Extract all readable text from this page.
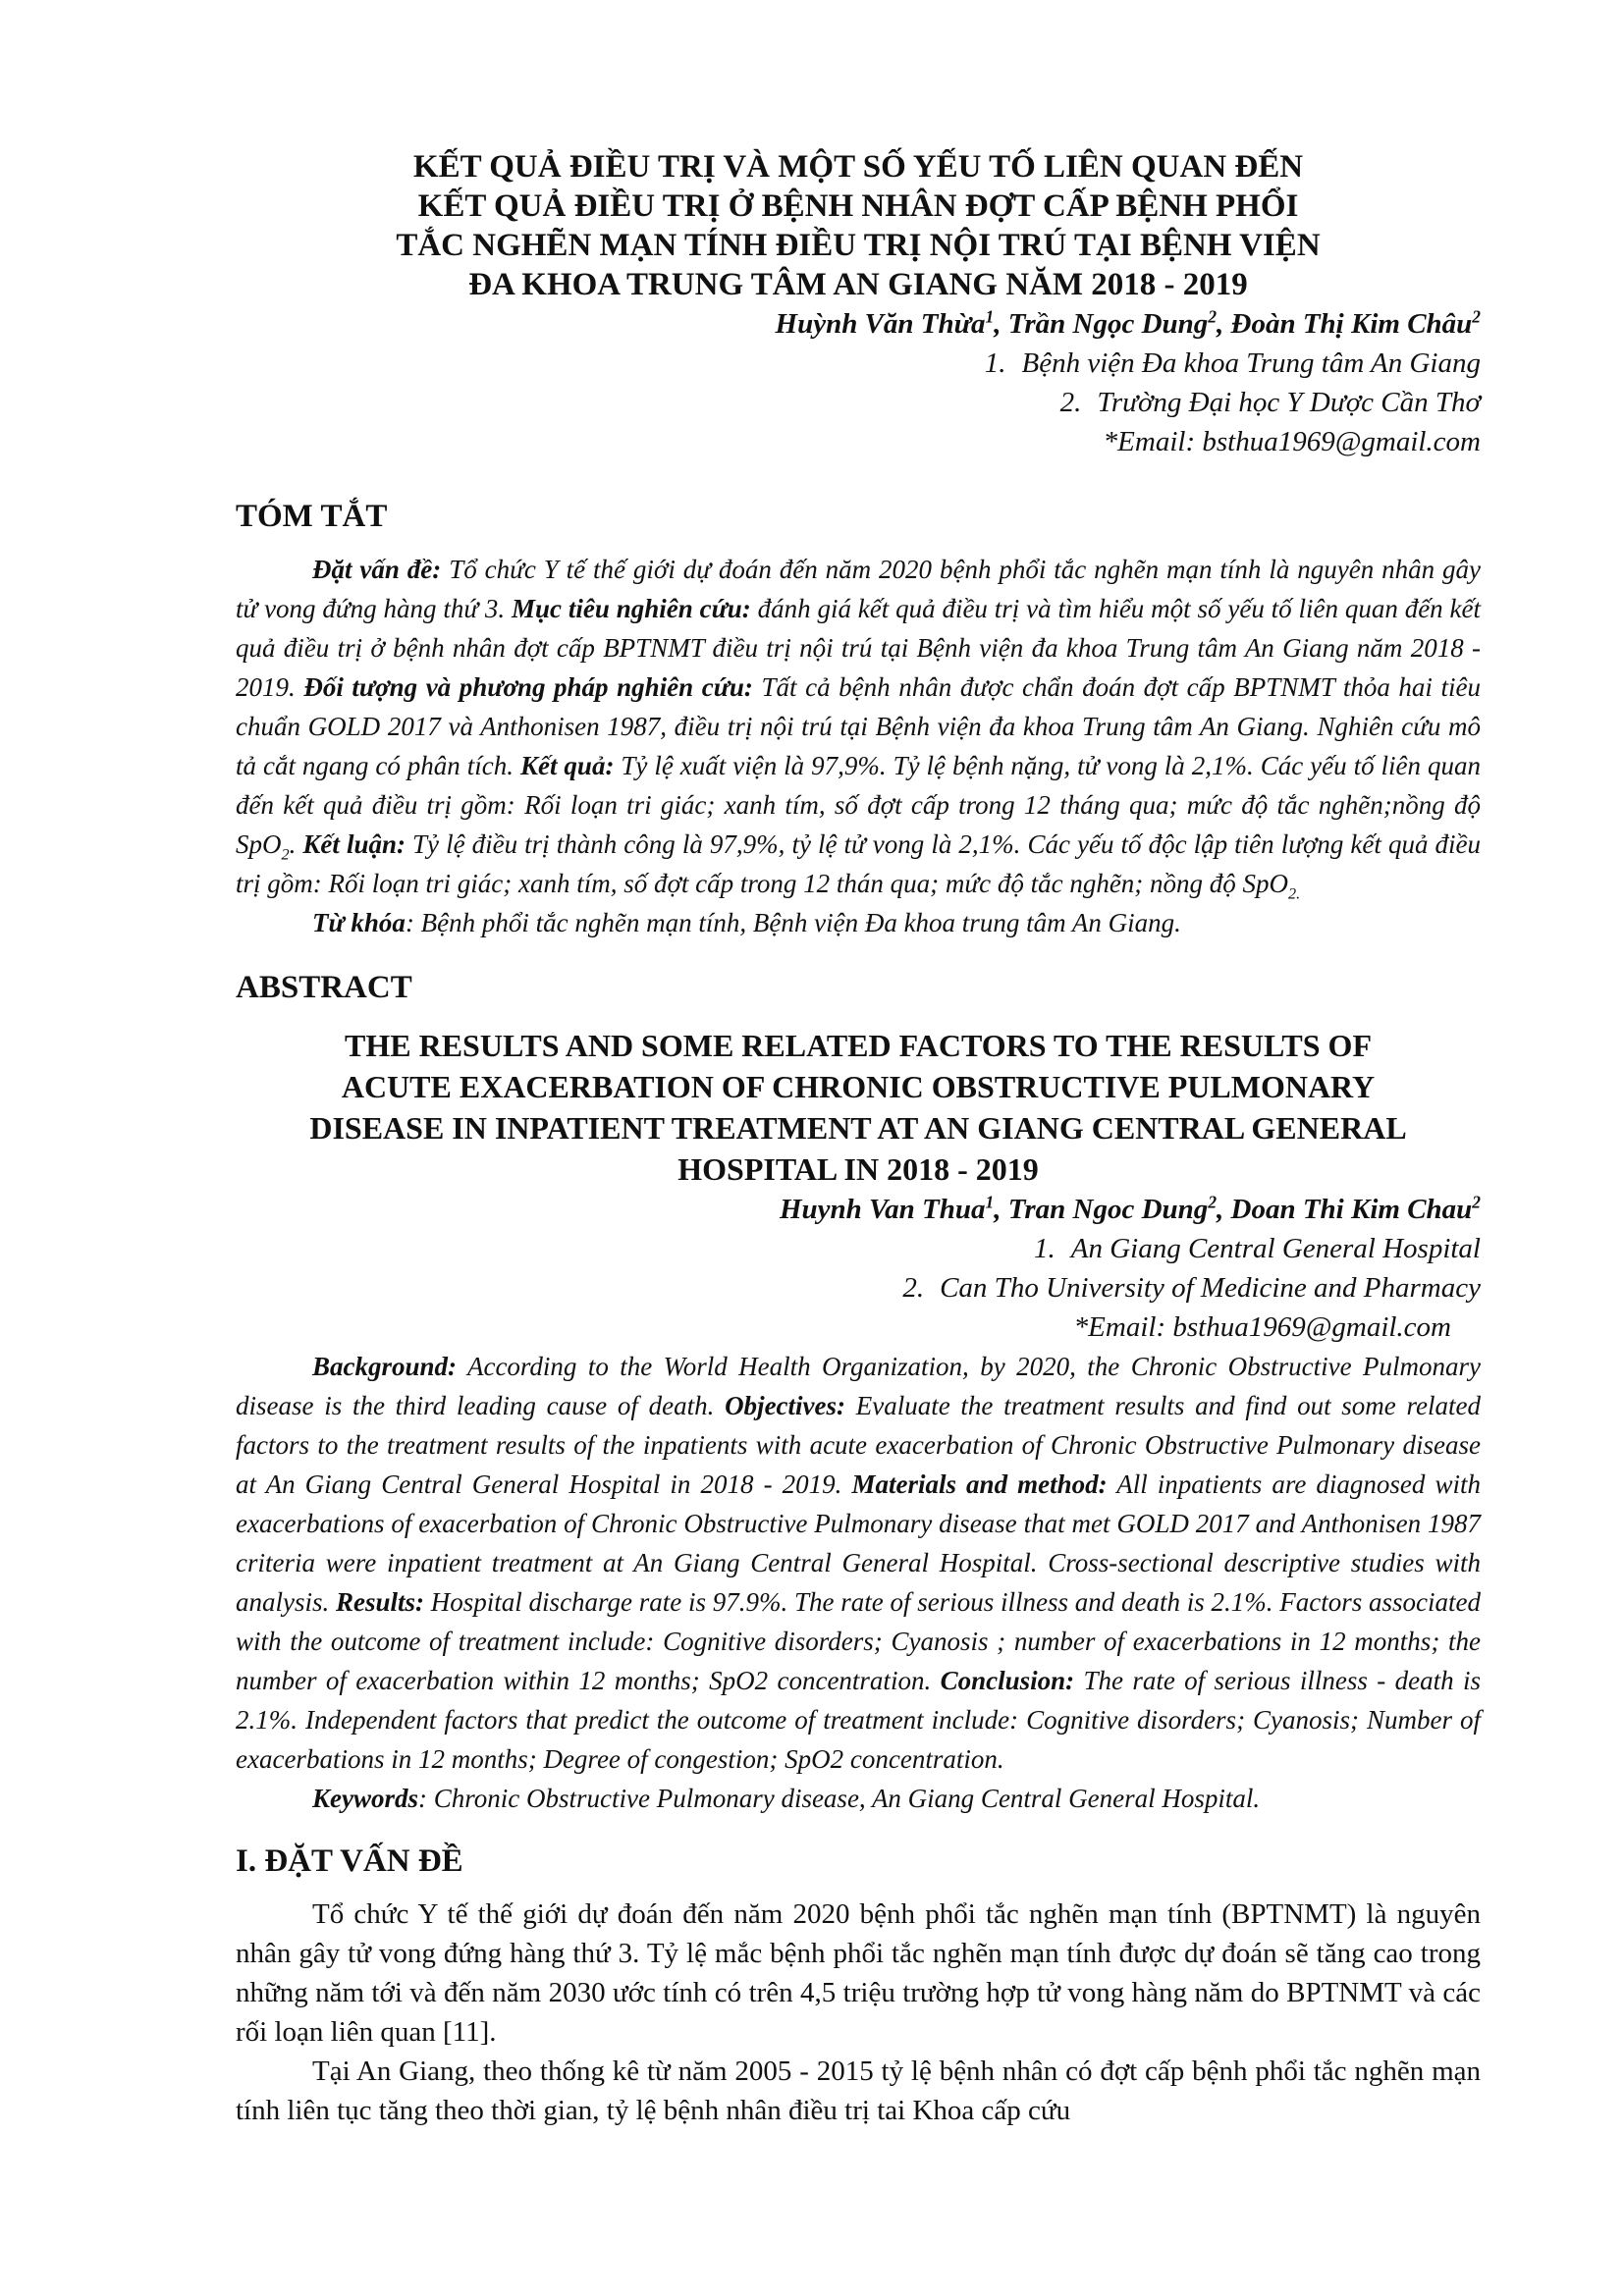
KẾT QUẢ ĐIỀU TRỊ VÀ MỘT SỐ YẾU TỐ LIÊN QUAN ĐẾN
KẾT QUẢ ĐIỀU TRỊ Ở BỆNH NHÂN ĐỢT CẤP BỆNH PHỔI
TẮC NGHẼN MẠN TÍNH ĐIỀU TRỊ NỘI TRÚ TẠI BỆNH VIỆN
ĐA KHOA TRUNG TÂM AN GIANG NĂM 2018 - 2019
Huỳnh Văn Thừa$^1$, Trần Ngọc Dung$^2$, Đoàn Thị Kim Châu$^2$
1. Bệnh viện Đa khoa Trung tâm An Giang
2. Trường Đại học Y Dược Cần Thơ
*Email: bsthua1969@gmail.com
TÓM TẮT

Đặt vấn đề: Tổ chức Y tế thế giới dự đoán đến năm 2020 bệnh phổi tắc nghẽn mạn tính là nguyên nhân gây tử vong đứng hàng thứ 3. Mục tiêu nghiên cứu: đánh giá kết quả điều trị và tìm hiểu một số yếu tố liên quan đến kết quả điều trị ở bệnh nhân đợt cấp BPTNMT điều trị nội trú tại Bệnh viện đa khoa Trung tâm An Giang năm 2018 - 2019. Đối tượng và phương pháp nghiên cứu: Tất cả bệnh nhân được chẩn đoán đợt cấp BPTNMT thỏa hai tiêu chuẩn GOLD 2017 và Anthonisen 1987, điều trị nội trú tại Bệnh viện đa khoa Trung tâm An Giang. Nghiên cứu mô tả cắt ngang có phân tích. Kết quả: Tỷ lệ xuất viện là 97,9%. Tỷ lệ bệnh nặng, tử vong là 2,1%. Các yếu tố liên quan đến kết quả điều trị gồm: Rối loạn tri giác; xanh tím, số đợt cấp trong 12 tháng qua; mức độ tắc nghẽn;nồng độ SpO$_2$. Kết luận: Tỷ lệ điều trị thành công là 97,9%, tỷ lệ tử vong là 2,1%. Các yếu tố độc lập tiên lượng kết quả điều trị gồm: Rối loạn tri giác; xanh tím, số đợt cấp trong 12 thán qua; mức độ tắc nghẽn; nồng độ SpO$_{2.}$

Từ khóa: Bệnh phổi tắc nghẽn mạn tính, Bệnh viện Đa khoa trung tâm An Giang.

ABSTRACT
THE RESULTS AND SOME RELATED FACTORS TO THE RESULTS OF
ACUTE EXACERBATION OF CHRONIC OBSTRUCTIVE PULMONARY
DISEASE IN INPATIENT TREATMENT AT AN GIANG CENTRAL GENERAL
HOSPITAL IN 2018 - 2019
Huynh Van Thua$^1$, Tran Ngoc Dung$^2$, Doan Thi Kim Chau$^2$
1. An Giang Central General Hospital
2. Can Tho University of Medicine and Pharmacy
*Email: bsthua1969@gmail.com

Background: According to the World Health Organization, by 2020, the Chronic Obstructive Pulmonary disease is the third leading cause of death. Objectives: Evaluate the treatment results and find out some related factors to the treatment results of the inpatients with acute exacerbation of Chronic Obstructive Pulmonary disease at An Giang Central General Hospital in 2018 - 2019. Materials and method: All inpatients are diagnosed with exacerbations of exacerbation of Chronic Obstructive Pulmonary disease that met GOLD 2017 and Anthonisen 1987 criteria were inpatient treatment at An Giang Central General Hospital. Cross-sectional descriptive studies with analysis. Results: Hospital discharge rate is 97.9%. The rate of serious illness and death is 2.1%. Factors associated with the outcome of treatment include: Cognitive disorders; Cyanosis ; number of exacerbations in 12 months; the number of exacerbation within 12 months; SpO2 concentration. Conclusion: The rate of serious illness - death is 2.1%. Independent factors that predict the outcome of treatment include: Cognitive disorders; Cyanosis; Number of exacerbations in 12 months; Degree of congestion; SpO2 concentration.

Keywords: Chronic Obstructive Pulmonary disease, An Giang Central General Hospital.

I. ĐẶT VẤN ĐỀ

Tổ chức Y tế thế giới dự đoán đến năm 2020 bệnh phổi tắc nghẽn mạn tính (BPTNMT) là nguyên nhân gây tử vong đứng hàng thứ 3. Tỷ lệ mắc bệnh phổi tắc nghẽn mạn tính được dự đoán sẽ tăng cao trong những năm tới và đến năm 2030 ước tính có trên 4,5 triệu trường hợp tử vong hàng năm do BPTNMT và các rối loạn liên quan [11].

Tại An Giang, theo thống kê từ năm 2005 - 2015 tỷ lệ bệnh nhân có đợt cấp bệnh phổi tắc nghẽn mạn tính liên tục tăng theo thời gian, tỷ lệ bệnh nhân điều trị tai Khoa cấp cứu
